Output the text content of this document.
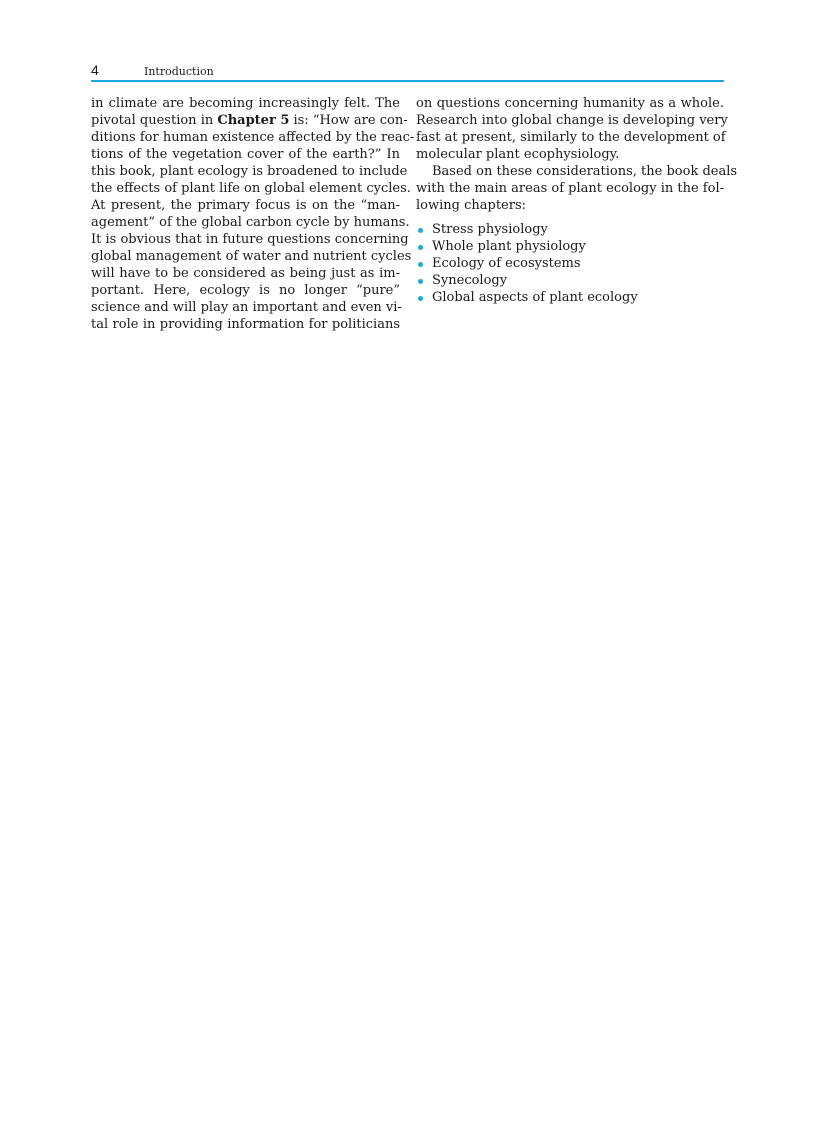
4	Introduction
in climate are becoming increasingly felt. The
pivotal question in Chapter 5 is: “How are con-
ditions for human existence affected by the reac-
tions of the vegetation cover of the earth?” In
this book, plant ecology is broadened to include
the effects of plant life on global element cycles.
At present, the primary focus is on the “man-
agement” of the global carbon cycle by humans.
It is obvious that in future questions concerning
global management of water and nutrient cycles
will have to be considered as being just as im-
portant. Here, ecology is no longer “pure”
science and will play an important and even vi-
tal role in providing information for politicians
on questions concerning humanity as a whole.
Research into global change is developing very
fast at present, similarly to the development of
molecular plant ecophysiology.
Based on these considerations, the book deals
with the main areas of plant ecology in the fol-
lowing chapters:
Stress physiology
Whole plant physiology
Ecology of ecosystems
Synecology
Global aspects of plant ecology
